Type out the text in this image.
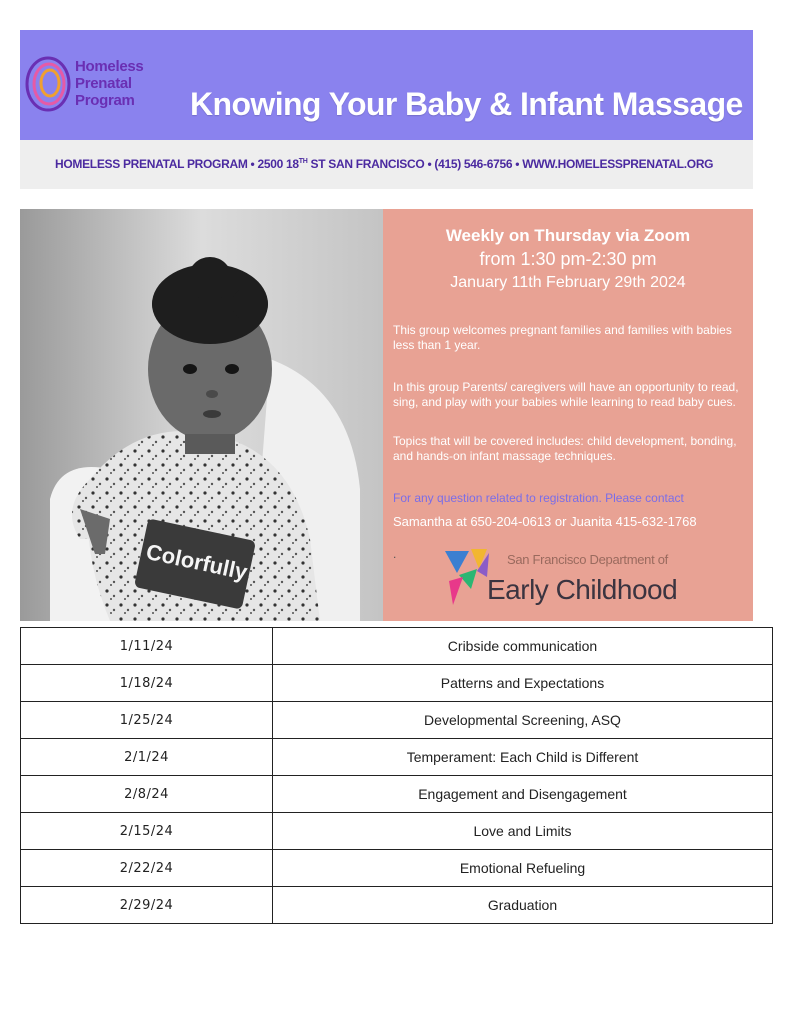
Homeless
Prenatal
Program Knowing Your Baby & Infant Massage
HOMELESS PRENATAL PROGRAM • 2500 18TH ST SAN FRANCISCO • (415) 546-6756 • WWW.HOMELESSPRENATAL.ORG
Colorfully
Weekly on Thursday via Zoom
from 1:30 pm-2:30 pm
January 11th February 29th 2024
This group welcomes pregnant families and families with babies less than 1 year.
In this group Parents/ caregivers will have an opportunity to read, sing, and play with your babies while learning to read baby cues.
Topics that will be covered includes: child development, bonding, and hands-on infant massage techniques.
For any question related to registration. Please contact
Samantha at 650-204-0613 or Juanita 415-632-1768
.	San Francisco Department of
Early Childhood
1/11/24	Cribside communication
1/18/24	Patterns and Expectations
1/25/24	Developmental Screening, ASQ
2/1/24	Temperament: Each Child is Different
2/8/24	Engagement and Disengagement
2/15/24	Love and Limits
2/22/24	Emotional Refueling
2/29/24	Graduation
